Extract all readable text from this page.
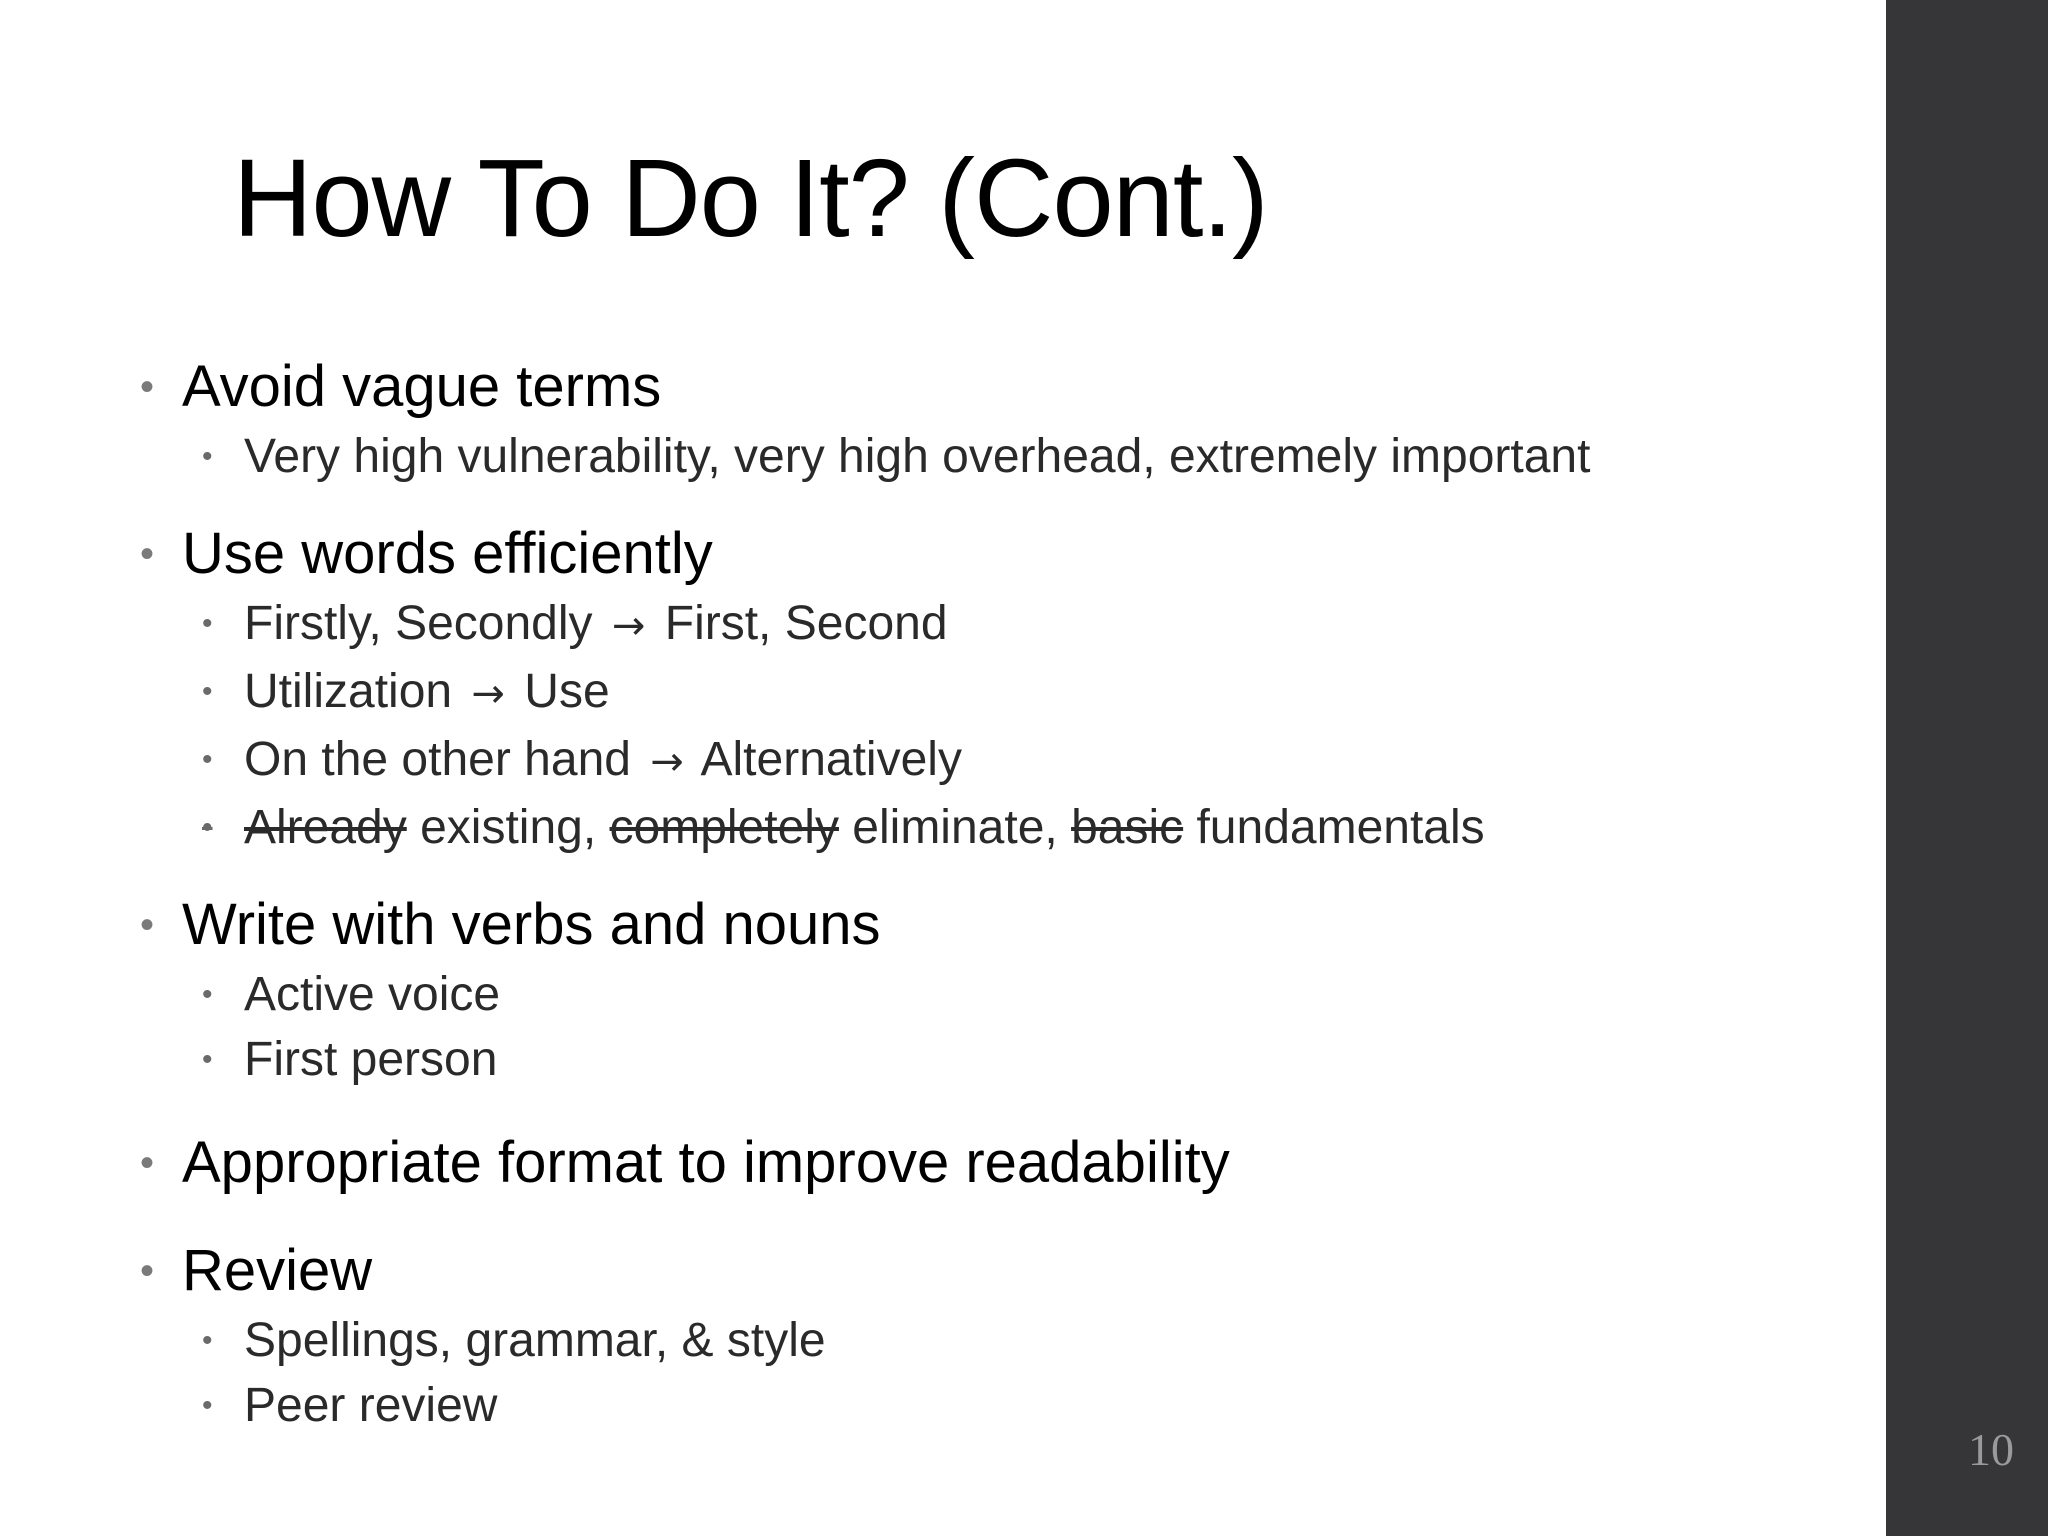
How To Do It? (Cont.)
• Avoid vague terms
• Very high vulnerability, very high overhead, extremely important
• Use words efficiently
• Firstly, Secondly → First, Second
• Utilization → Use
• On the other hand → Alternatively
• Already existing, completely eliminate, basic fundamentals
• Write with verbs and nouns
• Active voice
• First person
• Appropriate format to improve readability
• Review
• Spellings, grammar, & style
• Peer review
10
